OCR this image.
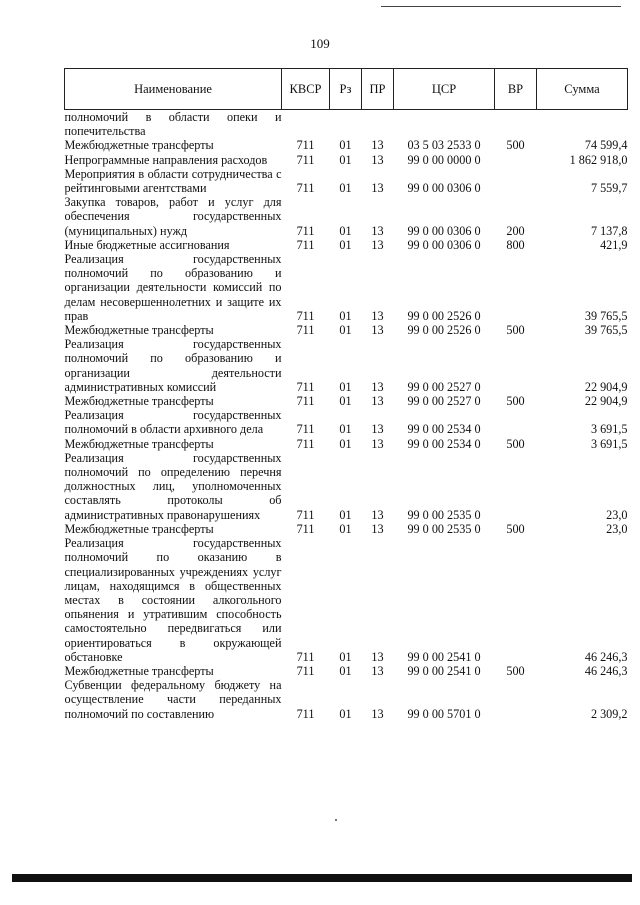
109
Наименование	КВСР	Рз	ПР	ЦСР	ВР	Сумма
полномочий в области опеки и попечительства						
Межбюджетные трансферты	711	01	13	03 5 03 2533 0	500	74 599,4
Непрограммные направления расходов	711	01	13	99 0 00 0000 0		1 862 918,0
Мероприятия в области сотрудничества с рейтинговыми агентствами	711	01	13	99 0 00 0306 0		7 559,7
Закупка товаров, работ и услуг для обеспечения государственных (муниципальных) нужд	711	01	13	99 0 00 0306 0	200	7 137,8
Иные бюджетные ассигнования	711	01	13	99 0 00 0306 0	800	421,9
Реализация государственных полномочий по образованию и организации деятельности комиссий по делам несовершеннолетних и защите их прав	711	01	13	99 0 00 2526 0		39 765,5
Межбюджетные трансферты	711	01	13	99 0 00 2526 0	500	39 765,5
Реализация государственных полномочий по образованию и организации деятельности административных комиссий	711	01	13	99 0 00 2527 0		22 904,9
Межбюджетные трансферты	711	01	13	99 0 00 2527 0	500	22 904,9
Реализация государственных полномочий в области архивного дела	711	01	13	99 0 00 2534 0		3 691,5
Межбюджетные трансферты	711	01	13	99 0 00 2534 0	500	3 691,5
Реализация государственных полномочий по определению перечня должностных лиц, уполномоченных составлять протоколы об административных правонарушениях	711	01	13	99 0 00 2535 0		23,0
Межбюджетные трансферты	711	01	13	99 0 00 2535 0	500	23,0
Реализация государственных полномочий по оказанию в специализированных учреждениях услуг лицам, находящимся в общественных местах в состоянии алкогольного опьянения и утратившим способность самостоятельно передвигаться или ориентироваться в окружающей обстановке	711	01	13	99 0 00 2541 0		46 246,3
Межбюджетные трансферты	711	01	13	99 0 00 2541 0	500	46 246,3
Субвенции федеральному бюджету на осуществление части переданных полномочий по составлению	711	01	13	99 0 00 5701 0		2 309,2
